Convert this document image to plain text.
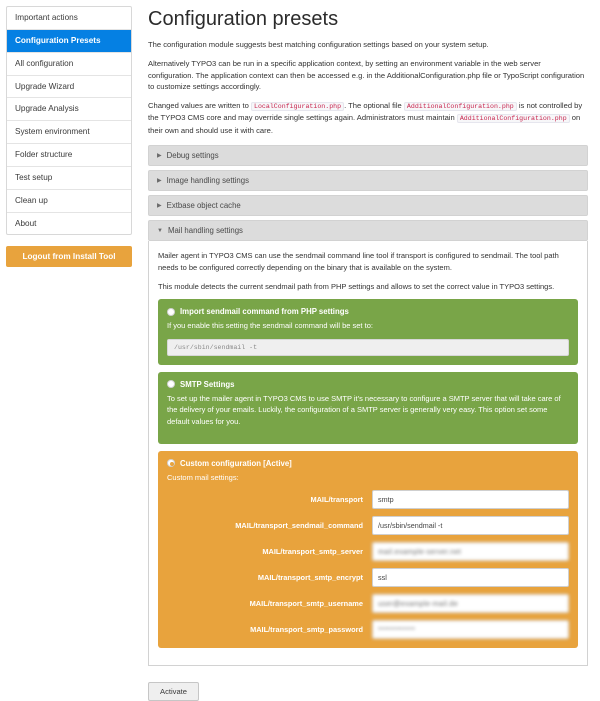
Important actions
Configuration Presets
All configuration
Upgrade Wizard
Upgrade Analysis
System environment
Folder structure
Test setup
Clean up
About
Logout from Install Tool
Configuration presets

The configuration module suggests best matching configuration settings based on your system setup.

Alternatively TYPO3 can be run in a specific application context, by setting an environment variable in the web server configuration. The application context can then be accessed e.g. in the AdditionalConfiguration.php file or TypoScript configuration to customize settings accordingly.

Changed values are written to LocalConfiguration.php . The optional file AdditionalConfiguration.php is not controlled by the TYPO3 CMS core and may override single settings again. Administrators must maintain AdditionalConfiguration.php on their own and should use it with care.

▶ Debug settings
▶ Image handling settings
▶ Extbase object cache
▼ Mail handling settings

Mailer agent in TYPO3 CMS can use the sendmail command line tool if transport is configured to sendmail. The tool path needs to be configured correctly depending on the binary that is available on the system.

This module detects the current sendmail path from PHP settings and allows to set the correct value in TYPO3 settings.

Import sendmail command from PHP settings

If you enable this setting the sendmail command will be set to:

/usr/sbin/sendmail -t
SMTP Settings

To set up the mailer agent in TYPO3 CMS to use SMTP it's necessary to configure a SMTP server that will take care of the delivery of your emails. Luckily, the configuration of a SMTP server is generally very easy. This option set some default values for you.

Custom configuration [Active]

Custom mail settings:

MAIL/transport
smtp
MAIL/transport_sendmail_command
/usr/sbin/sendmail -t
MAIL/transport_smtp_server
mail.example-server.net
MAIL/transport_smtp_encrypt
ssl
MAIL/transport_smtp_username
user@example-mail.de
MAIL/transport_smtp_password
************
Activate
